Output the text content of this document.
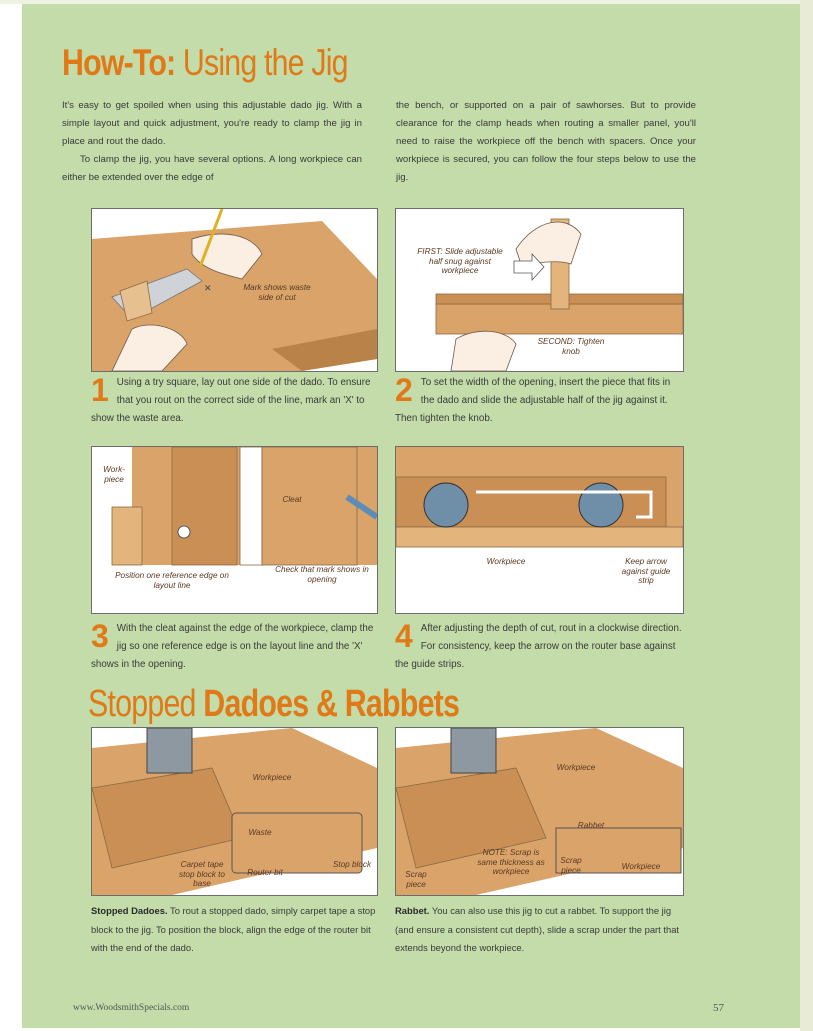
How-To: Using the Jig

It's easy to get spoiled when using this adjustable dado jig. With a simple layout and quick adjustment, you're ready to clamp the jig in place and rout the dado.

To clamp the jig, you have several options. A long workpiece can either be extended over the edge of

the bench, or supported on a pair of sawhorses. But to provide clearance for the clamp heads when routing a smaller panel, you'll need to raise the workpiece off the bench with spacers. Once your workpiece is secured, you can follow the four steps below to use the jig.

✕	Mark shows waste side of cut
FIRST: Slide adjustable half snug against workpiece
SECOND: Tighten knob
1 Using a try square, lay out one side of the dado. To ensure that you rout on the correct side of the line, mark an 'X' to show the waste area.
2 To set the width of the opening, insert the piece that fits in the dado and slide the adjustable half of the jig against it. Then tighten the knob.
Work-piece
Cleat
Position one reference edge on layout line
Check that mark shows in opening
Workpiece	Keep arrow against guide strip
3 With the cleat against the edge of the workpiece, clamp the jig so one reference edge is on the layout line and the 'X' shows in the opening.
4 After adjusting the depth of cut, rout in a clockwise direction. For consistency, keep the arrow on the router base against the guide strips.
Stopped Dadoes & Rabbets
Workpiece
Waste
Carpet tape stop block to base
Router bit
Stop block
Workpiece
Rabbet
NOTE: Scrap is same thickness as workpiece
Scrap piece
Scrap piece	Workpiece
Stopped Dadoes. To rout a stopped dado, simply carpet tape a stop block to the jig. To position the block, align the edge of the router bit with the end of the dado.
Rabbet. You can also use this jig to cut a rabbet. To support the jig (and ensure a consistent cut depth), slide a scrap under the part that extends beyond the workpiece.
www.WoodsmithSpecials.com	57
